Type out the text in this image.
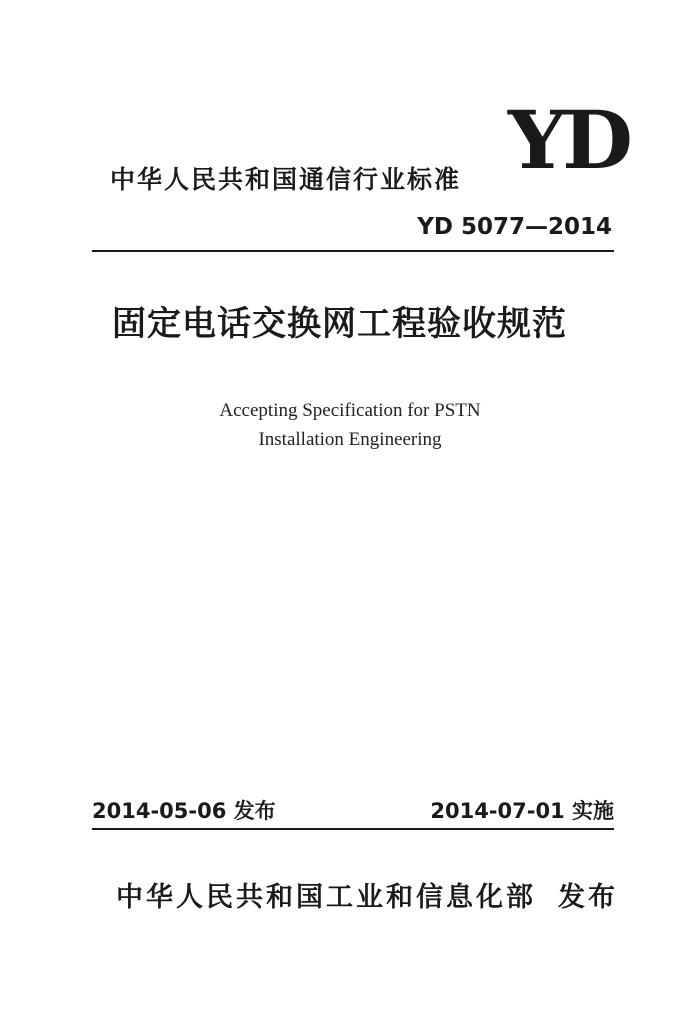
中华人民共和国通信行业标准 YD
YD 5077—2014
固定电话交换网工程验收规范
Accepting Specification for PSTN
Installation Engineering
2014-05-06 发布	2014-07-01 实施
中华人民共和国工业和信息化部 发布
